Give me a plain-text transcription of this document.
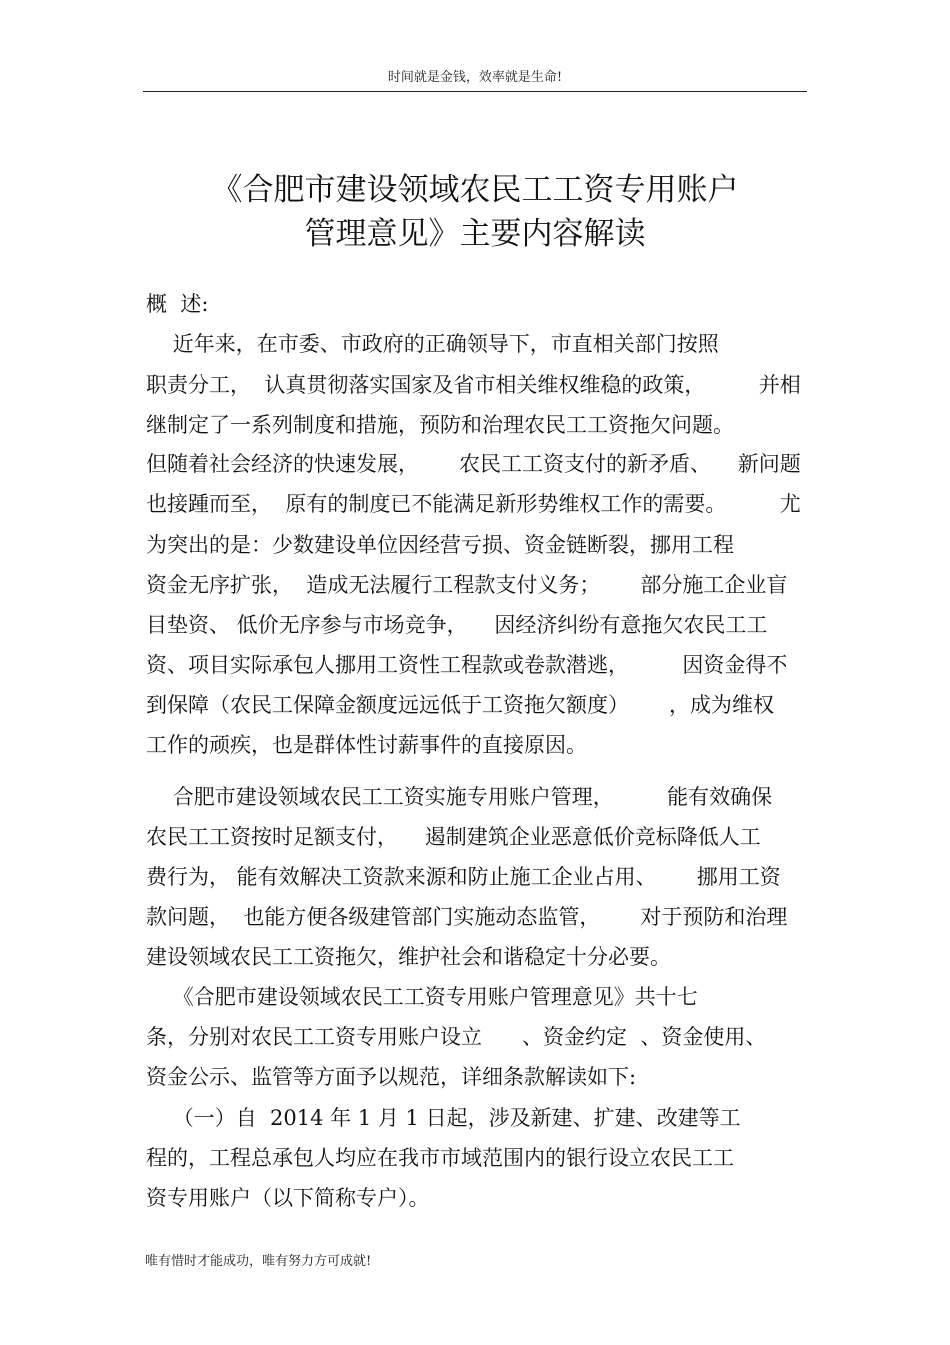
时间就是金钱，效率就是生命!
《合肥市建设领域农民工工资专用账户
管理意见》主要内容解读
概  述:
近年来，在市委、市政府的正确领导下，市直相关部门按照
职责分工，  认真贯彻落实国家及省市相关维权维稳的政策，        并相
继制定了一系列制度和措施，预防和治理农民工工资拖欠问题。
但随着社会经济的快速发展，      农民工工资支付的新矛盾、    新问题
也接踵而至，  原有的制度已不能满足新形势维权工作的需要。        尤
为突出的是：少数建设单位因经营亏损、资金链断裂，挪用工程
资金无序扩张，  造成无法履行工程款支付义务；      部分施工企业盲
目垫资、 低价无序参与市场竞争，    因经济纠纷有意拖欠农民工工
资、项目实际承包人挪用工资性工程款或卷款潜逃，        因资金得不
到保障（农民工保障金额度远远低于工资拖欠额度）      ，成为维权
工作的顽疾，也是群体性讨薪事件的直接原因。
合肥市建设领域农民工工资实施专用账户管理，        能有效确保
农民工工资按时足额支付，    遏制建筑企业恶意低价竞标降低人工
费行为， 能有效解决工资款来源和防止施工企业占用、      挪用工资
款问题，  也能方便各级建管部门实施动态监管，      对于预防和治理
建设领域农民工工资拖欠，维护社会和谐稳定十分必要。
《合肥市建设领域农民工工资专用账户管理意见》共十七
条，分别对农民工工资专用账户设立      、资金约定  、资金使用、
资金公示、监管等方面予以规范，详细条款解读如下:
（一）自  2014 年 1 月 1 日起，涉及新建、扩建、改建等工
程的，工程总承包人均应在我市市域范围内的银行设立农民工工
资专用账户（以下简称专户）。
唯有惜时才能成功，唯有努力方可成就!
